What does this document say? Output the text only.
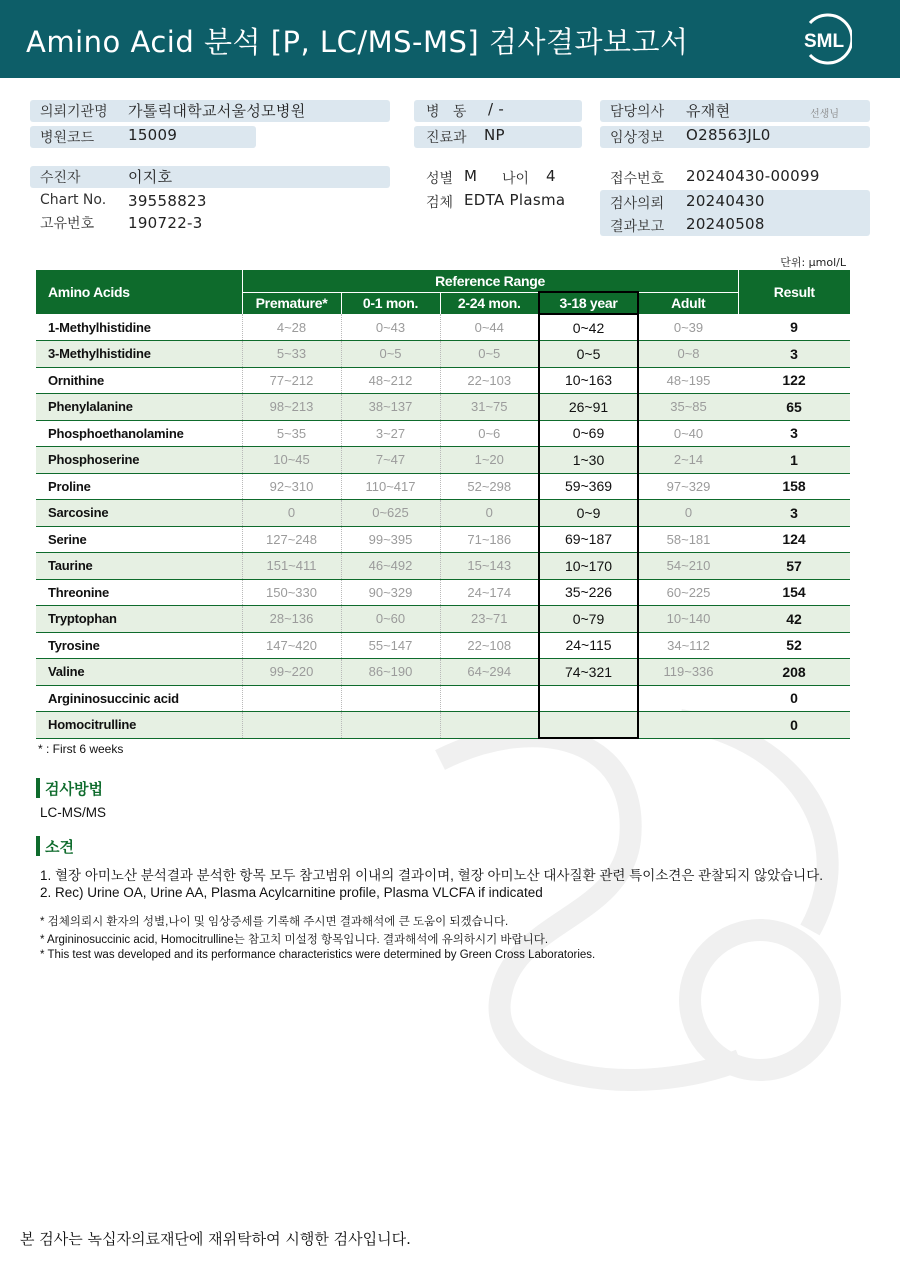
Amino Acid 분석 [P, LC/MS-MS] 검사결과보고서	SML
의뢰기관명 가톨릭대학교서울성모병원
병원코드 15009
수진자	이지호
Chart No. 39558823
고유번호 190722-3
병   동 / -
진료과 NP
성별 M 나이 4
검체 EDTA Plasma
담당의사 유재현	선생님
임상정보 O28563JL0
접수번호 20240430-00099
검사의뢰 20240430
결과보고 20240508
단위: μmol/L
Amino Acids	Reference Range					Result
	Premature*	0-1 mon.	2-24 mon.	3-18 year	Adult	
1-Methylhistidine	4~28	0~43	0~44	0~42	0~39	9
3-Methylhistidine	5~33	0~5	0~5	0~5	0~8	3
Ornithine	77~212	48~212	22~103	10~163	48~195	122
Phenylalanine	98~213	38~137	31~75	26~91	35~85	65
Phosphoethanolamine	5~35	3~27	0~6	0~69	0~40	3
Phosphoserine	10~45	7~47	1~20	1~30	2~14	1
Proline	92~310	110~417	52~298	59~369	97~329	158
Sarcosine	0	0~625	0	0~9	0	3
Serine	127~248	99~395	71~186	69~187	58~181	124
Taurine	151~411	46~492	15~143	10~170	54~210	57
Threonine	150~330	90~329	24~174	35~226	60~225	154
Tryptophan	28~136	0~60	23~71	0~79	10~140	42
Tyrosine	147~420	55~147	22~108	24~115	34~112	52
Valine	99~220	86~190	64~294	74~321	119~336	208
Argininosuccinic acid						0
Homocitrulline						0
* : First 6 weeks
검사방법
LC-MS/MS
소견
1. 혈장 아미노산 분석결과 분석한 항목 모두 참고범위 이내의 결과이며, 혈장 아미노산 대사질환 관련 특이소견은 관찰되지 않았습니다.
2. Rec) Urine OA, Urine AA, Plasma Acylcarnitine profile, Plasma VLCFA if indicated
* 검체의뢰시 환자의 성별,나이 및 임상증세를 기록해 주시면 결과해석에 큰 도움이 되겠습니다.
* Argininosuccinic acid, Homocitrulline는 참고치 미설정 항목입니다. 결과해석에 유의하시기 바랍니다.
* This test was developed and its performance characteristics were determined by Green Cross Laboratories.
본 검사는 녹십자의료재단에 재위탁하여 시행한 검사입니다.
